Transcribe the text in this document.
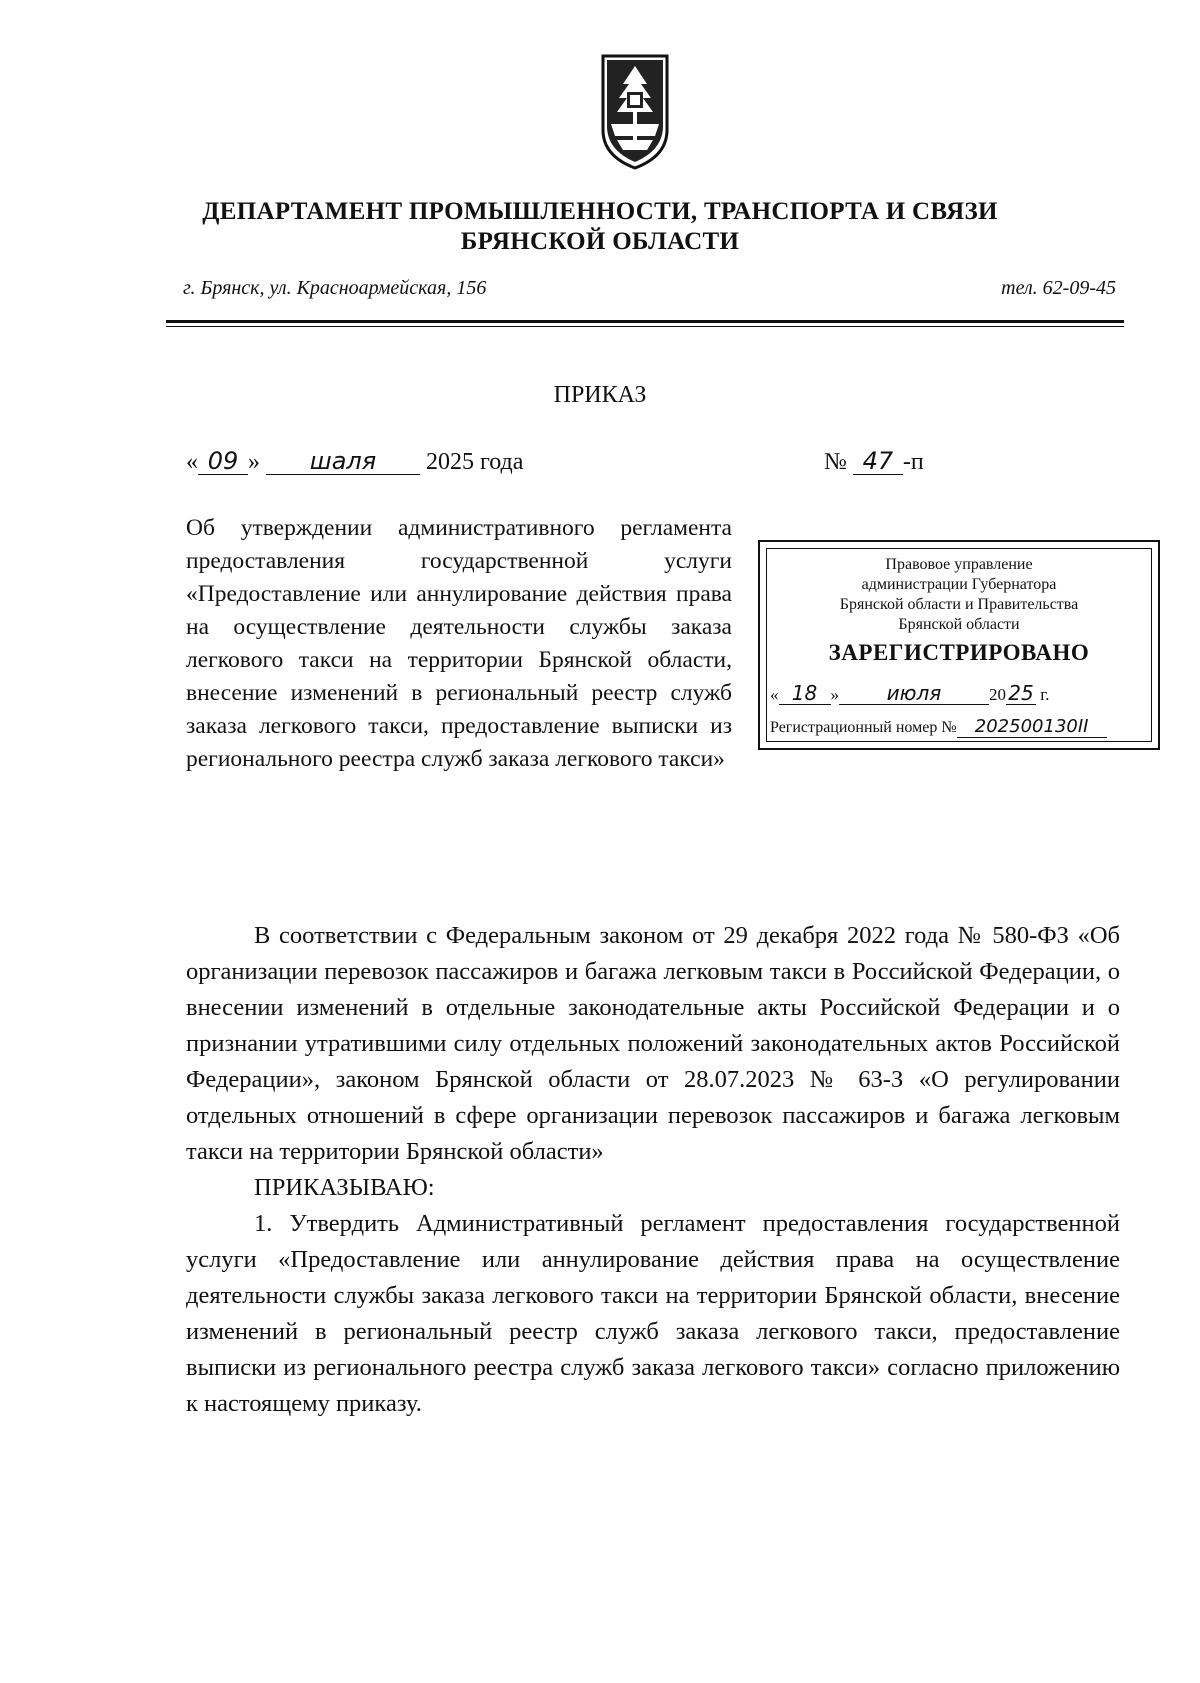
ДЕПАРТАМЕНТ ПРОМЫШЛЕННОСТИ, ТРАНСПОРТА И СВЯЗИ
БРЯНСКОЙ ОБЛАСТИ
г. Брянск, ул. Красноармейская, 156	тел. 62-09-45
ПРИКАЗ
« 09 » шаля 2025 года	№ 47 -п
Об утверждении административного регламента предоставления государственной услуги «Предоставление или аннулирование действия права на осуществление деятельности службы заказа легкового такси на территории Брянской области, внесение изменений в региональный реестр служб заказа легкового такси, предоставление выписки из регионального реестра служб заказа легкового такси»
Правовое управление
администрации Губернатора
Брянской области и Правительства
Брянской области
ЗАРЕГИСТРИРОВАНО
« 18 » июля	20 25 г.
Регистрационный номер № 202500130II

В соответствии с Федеральным законом от 29 декабря 2022 года № 580-ФЗ «Об организации перевозок пассажиров и багажа легковым такси в Российской Федерации, о внесении изменений в отдельные законодательные акты Российской Федерации и о признании утратившими силу отдельных положений законодательных актов Российской Федерации», законом Брянской области от 28.07.2023 № 63-З «О регулировании отдельных отношений в сфере организации перевозок пассажиров и багажа легковым такси на территории Брянской области»

ПРИКАЗЫВАЮ:

1. Утвердить Административный регламент предоставления государственной услуги «Предоставление или аннулирование действия права на осуществление деятельности службы заказа легкового такси на территории Брянской области, внесение изменений в региональный реестр служб заказа легкового такси, предоставление выписки из регионального реестра служб заказа легкового такси» согласно приложению к настоящему приказу.
